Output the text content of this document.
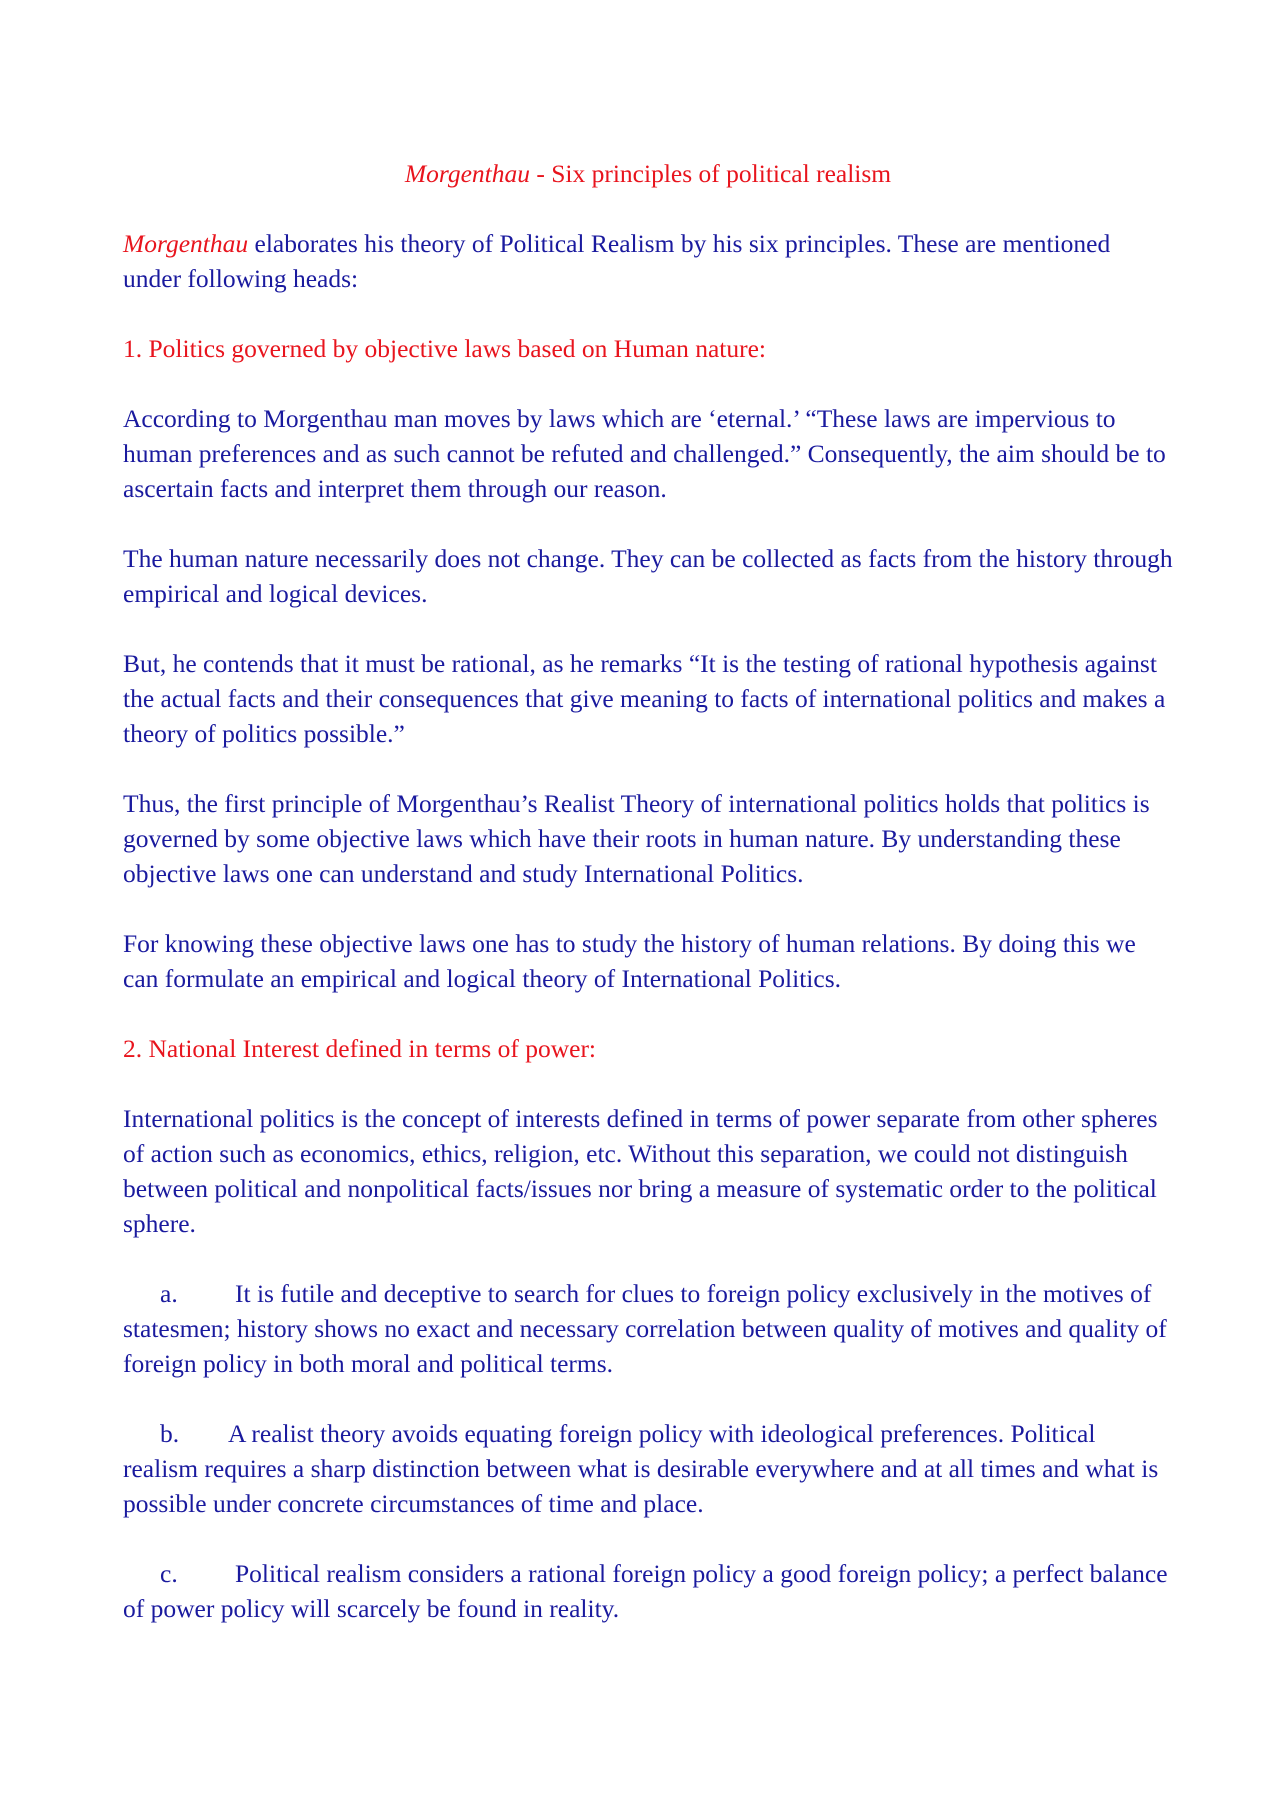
Morgenthau - Six principles of political realism

Morgenthau elaborates his theory of Political Realism by his six principles. These are mentioned under following heads:

1. Politics governed by objective laws based on Human nature:

According to Morgenthau man moves by laws which are ‘eternal.’ “These laws are impervious to human preferences and as such cannot be refuted and challenged.” Consequently, the aim should be to ascertain facts and interpret them through our reason.

The human nature necessarily does not change. They can be collected as facts from the history through empirical and logical devices.

But, he contends that it must be rational, as he remarks “It is the testing of rational hypothesis against the actual facts and their consequences that give meaning to facts of international politics and makes a theory of politics possible.”

Thus, the first principle of Morgenthau’s Realist Theory of international politics holds that politics is governed by some objective laws which have their roots in human nature. By understanding these objective laws one can understand and study International Politics.

For knowing these objective laws one has to study the history of human relations. By doing this we can formulate an empirical and logical theory of International Politics.

2. National Interest defined in terms of power:

International politics is the concept of interests defined in terms of power separate from other spheres of action such as economics, ethics, religion, etc. Without this separation, we could not distinguish between political and nonpolitical facts/issues nor bring a measure of systematic order to the political sphere.

a. It is futile and deceptive to search for clues to foreign policy exclusively in the motives of statesmen; history shows no exact and necessary correlation between quality of motives and quality of foreign policy in both moral and political terms.

b. A realist theory avoids equating foreign policy with ideological preferences. Political realism requires a sharp distinction between what is desirable everywhere and at all times and what is possible under concrete circumstances of time and place.

c. Political realism considers a rational foreign policy a good foreign policy; a perfect balance of power policy will scarcely be found in reality.
